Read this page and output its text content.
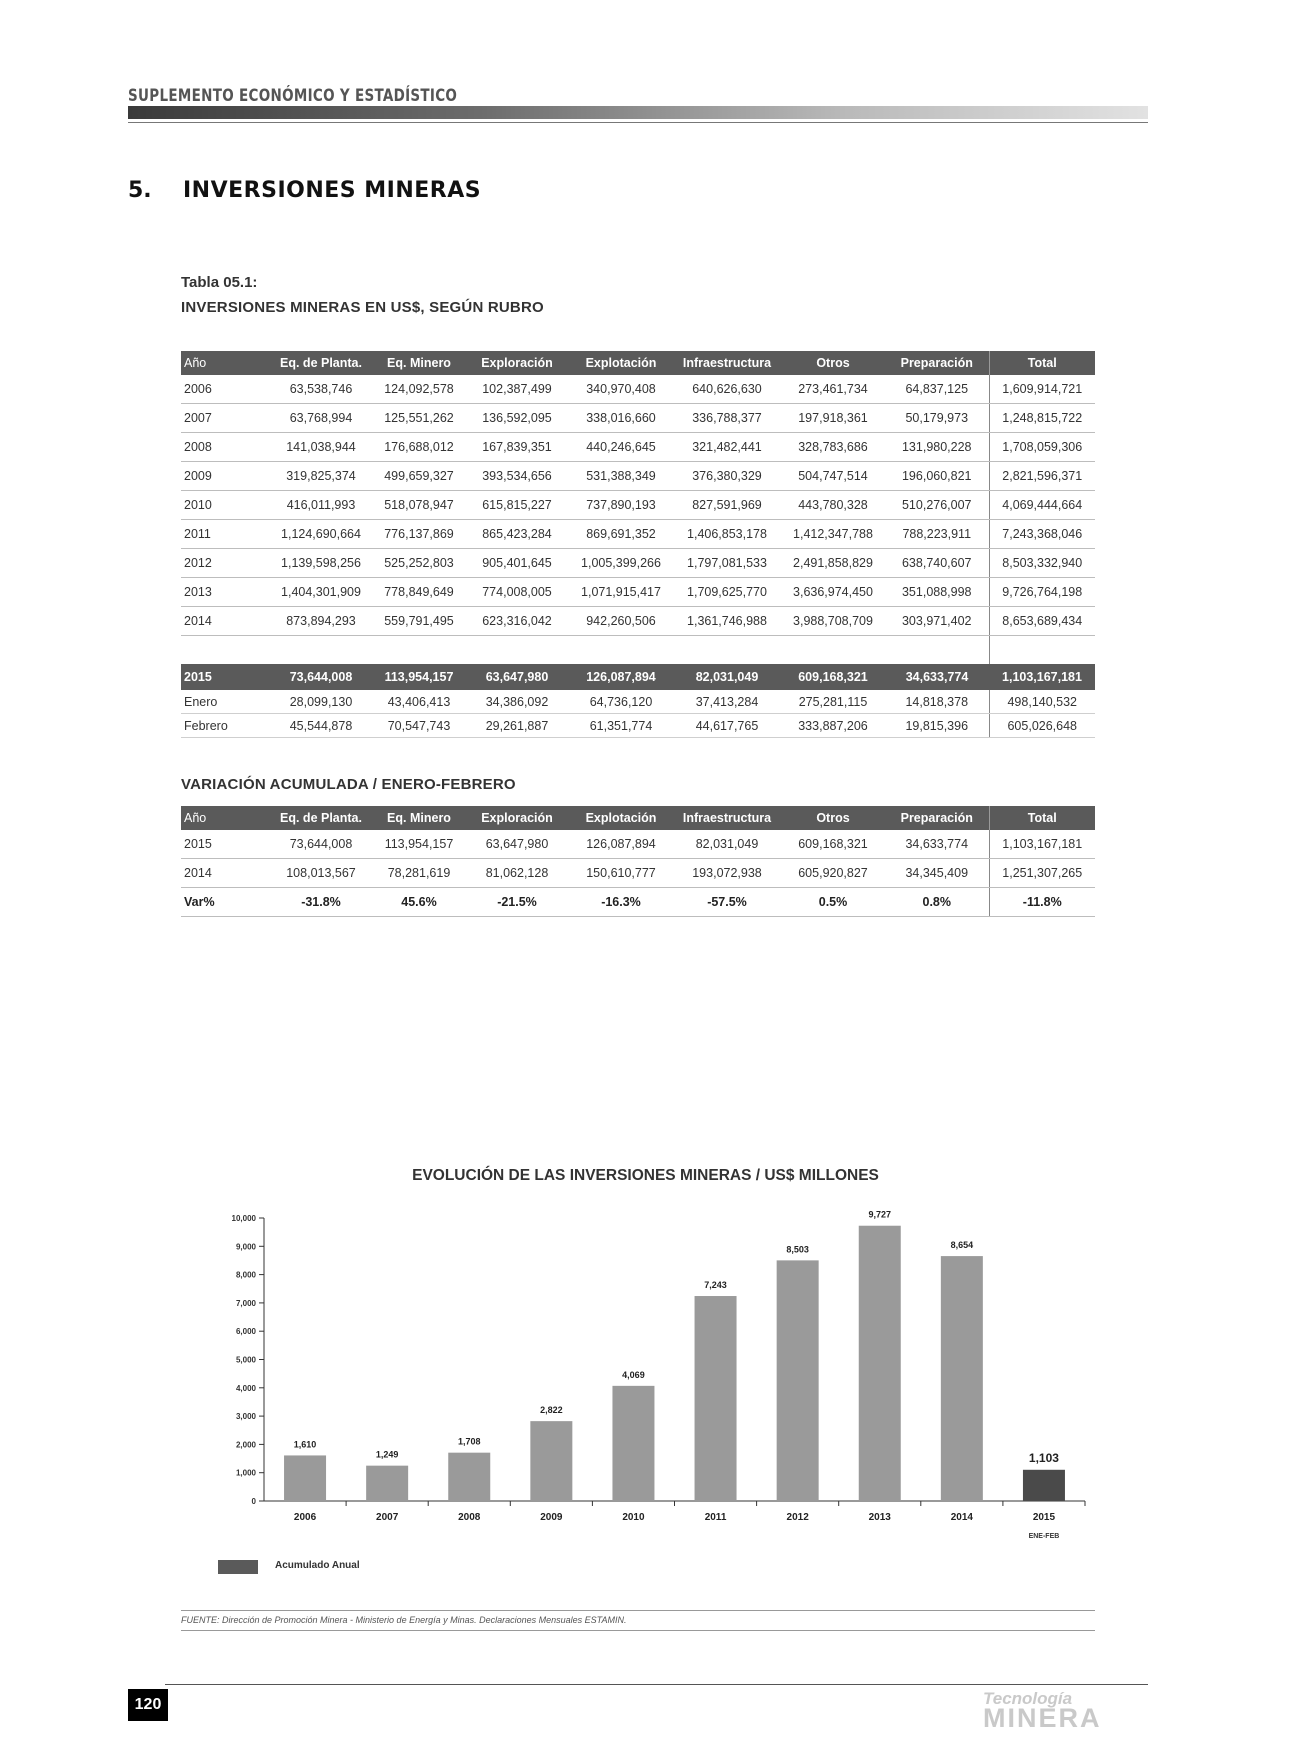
SUPLEMENTO ECONÓMICO Y ESTADÍSTICO
5. INVERSIONES MINERAS
Tabla 05.1:
INVERSIONES MINERAS EN US$, SEGÚN RUBRO
Año	Eq. de Planta.	Eq. Minero	Exploración	Explotación	Infraestructura	Otros	Preparación	Total
2006	63,538,746	124,092,578	102,387,499	340,970,408	640,626,630	273,461,734	64,837,125	1,609,914,721
2007	63,768,994	125,551,262	136,592,095	338,016,660	336,788,377	197,918,361	50,179,973	1,248,815,722
2008	141,038,944	176,688,012	167,839,351	440,246,645	321,482,441	328,783,686	131,980,228	1,708,059,306
2009	319,825,374	499,659,327	393,534,656	531,388,349	376,380,329	504,747,514	196,060,821	2,821,596,371
2010	416,011,993	518,078,947	615,815,227	737,890,193	827,591,969	443,780,328	510,276,007	4,069,444,664
2011	1,124,690,664	776,137,869	865,423,284	869,691,352	1,406,853,178	1,412,347,788	788,223,911	7,243,368,046
2012	1,139,598,256	525,252,803	905,401,645	1,005,399,266	1,797,081,533	2,491,858,829	638,740,607	8,503,332,940
2013	1,404,301,909	778,849,649	774,008,005	1,071,915,417	1,709,625,770	3,636,974,450	351,088,998	9,726,764,198
2014	873,894,293	559,791,495	623,316,042	942,260,506	1,361,746,988	3,988,708,709	303,971,402	8,653,689,434

2015	73,644,008	113,954,157	63,647,980	126,087,894	82,031,049	609,168,321	34,633,774	1,103,167,181
Enero	28,099,130	43,406,413	34,386,092	64,736,120	37,413,284	275,281,115	14,818,378	498,140,532
Febrero	45,544,878	70,547,743	29,261,887	61,351,774	44,617,765	333,887,206	19,815,396	605,026,648
VARIACIÓN ACUMULADA / ENERO-FEBRERO
Año	Eq. de Planta.	Eq. Minero	Exploración	Explotación	Infraestructura	Otros	Preparación	Total
2015	73,644,008	113,954,157	63,647,980	126,087,894	82,031,049	609,168,321	34,633,774	1,103,167,181
2014	108,013,567	78,281,619	81,062,128	150,610,777	193,072,938	605,920,827	34,345,409	1,251,307,265
Var%	-31.8%	45.6%	-21.5%	-16.3%	-57.5%	0.5%	0.8%	-11.8%
EVOLUCIÓN DE LAS INVERSIONES MINERAS / US$ MILLONES
0
1,000
2,000
3,000
4,000
5,000
6,000
7,000
8,000
9,000
10,000
1,610
2006
1,249
2007
1,708
2008
2,822
2009
4,069
2010
7,243
2011
8,503
2012
9,727
2013
8,654
2014
1,103
2015
ENE-FEB
Acumulado Anual
FUENTE: Dirección de Promoción Minera - Ministerio de Energía y Minas. Declaraciones Mensuales ESTAMIN.
120	Tecnología
MINERA
